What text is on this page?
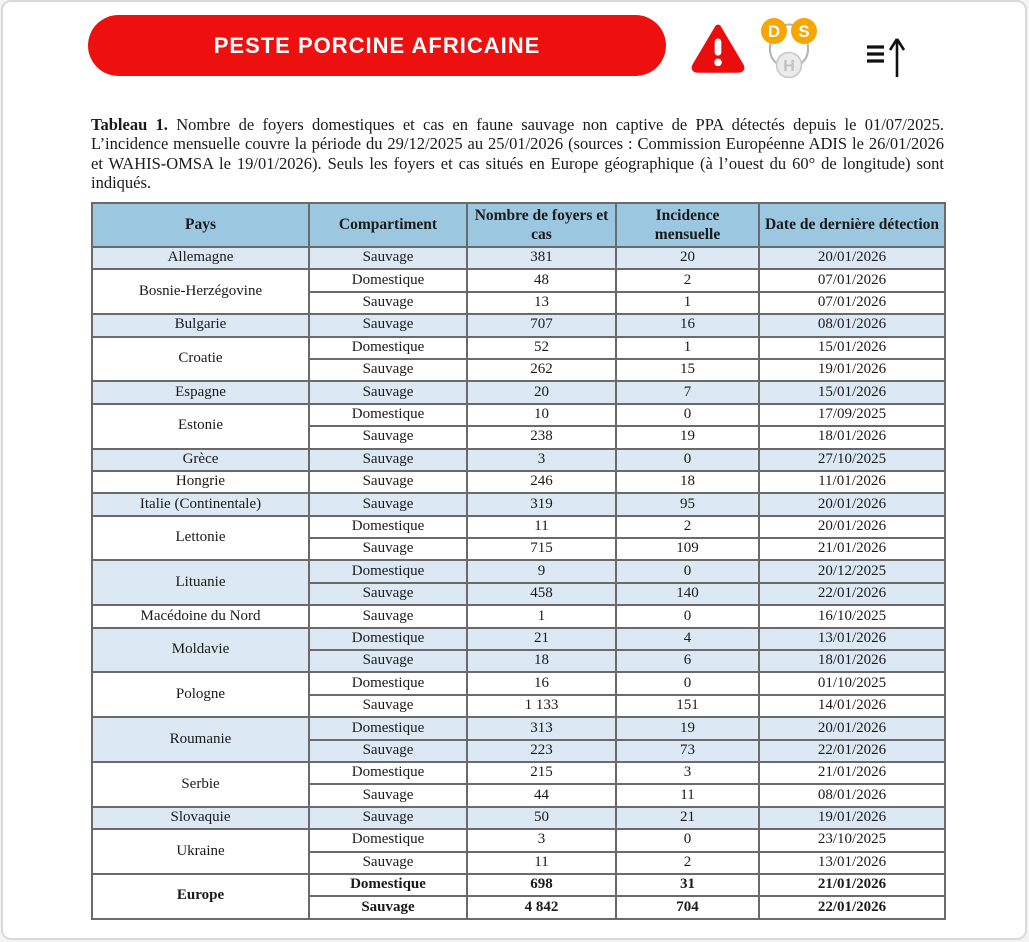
PESTE PORCINE AFRICAINE
D S
H

Tableau 1. Nombre de foyers domestiques et cas en faune sauvage non captive de PPA détectés depuis le 01/07/2025. L’incidence mensuelle couvre la période du 29/12/2025 au 25/01/2026 (sources : Commission Européenne ADIS le 26/01/2026 et WAHIS-OMSA le 19/01/2026). Seuls les foyers et cas situés en Europe géographique (à l’ouest du 60° de longitude) sont indiqués.

Pays	Compartiment	Nombre de foyers et cas	Incidence mensuelle	Date de dernière détection
Allemagne	Sauvage	381	20	20/01/2026
Bosnie-Herzégovine	Domestique	48	2	07/01/2026
	Sauvage	13	1	07/01/2026
Bulgarie	Sauvage	707	16	08/01/2026
Croatie	Domestique	52	1	15/01/2026
	Sauvage	262	15	19/01/2026
Espagne	Sauvage	20	7	15/01/2026
Estonie	Domestique	10	0	17/09/2025
	Sauvage	238	19	18/01/2026
Grèce	Sauvage	3	0	27/10/2025
Hongrie	Sauvage	246	18	11/01/2026
Italie (Continentale)	Sauvage	319	95	20/01/2026
Lettonie	Domestique	11	2	20/01/2026
	Sauvage	715	109	21/01/2026
Lituanie	Domestique	9	0	20/12/2025
	Sauvage	458	140	22/01/2026
Macédoine du Nord	Sauvage	1	0	16/10/2025
Moldavie	Domestique	21	4	13/01/2026
	Sauvage	18	6	18/01/2026
Pologne	Domestique	16	0	01/10/2025
	Sauvage	1 133	151	14/01/2026
Roumanie	Domestique	313	19	20/01/2026
	Sauvage	223	73	22/01/2026
Serbie	Domestique	215	3	21/01/2026
	Sauvage	44	11	08/01/2026
Slovaquie	Sauvage	50	21	19/01/2026
Ukraine	Domestique	3	0	23/10/2025
	Sauvage	11	2	13/01/2026
Europe	Domestique	698	31	21/01/2026
	Sauvage	4 842	704	22/01/2026
